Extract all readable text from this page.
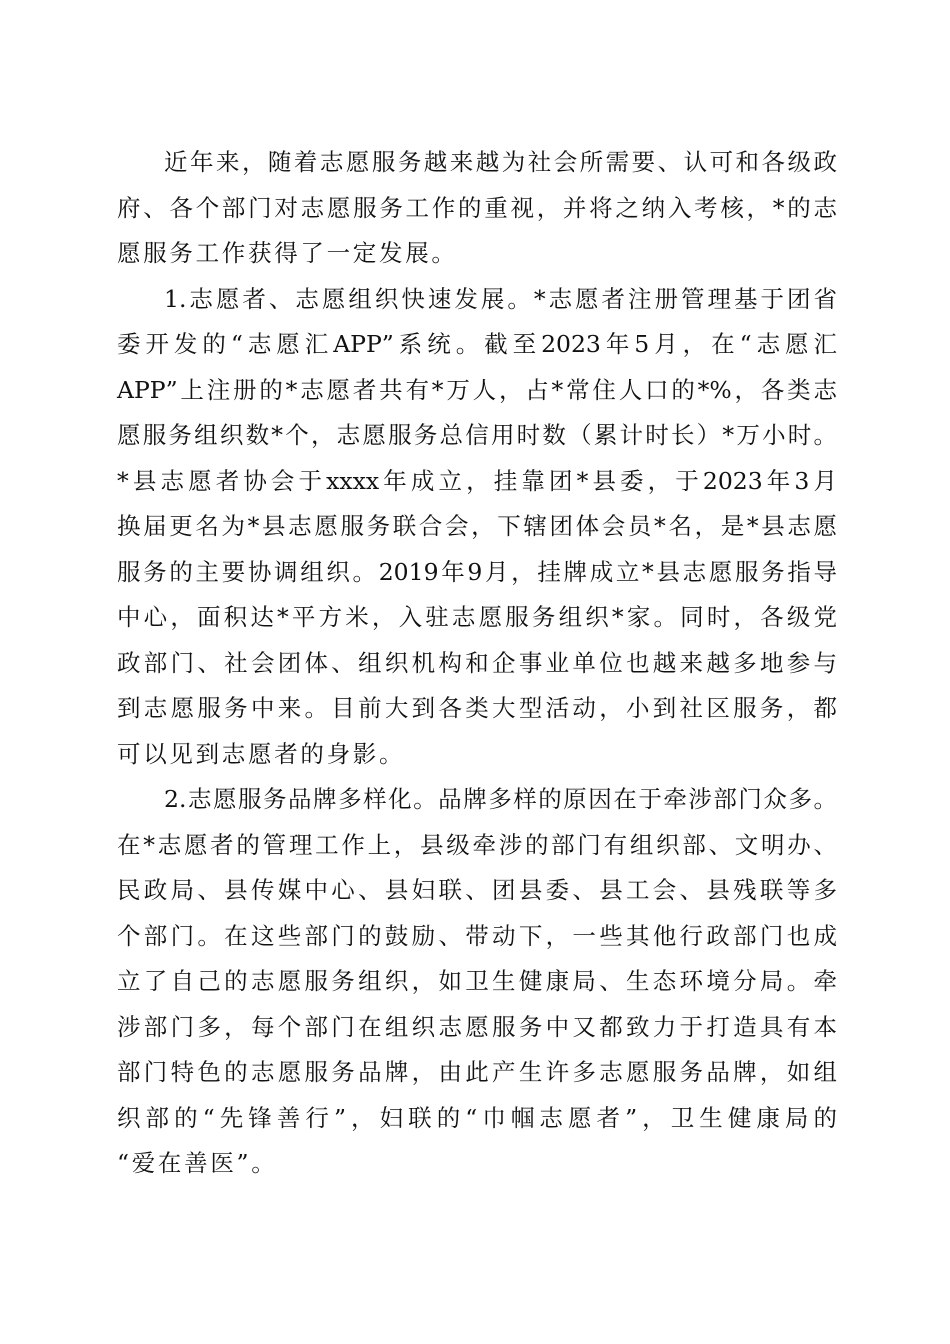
近年来，随着志愿服务越来越为社会所需要、认可和各级政
府、各个部门对志愿服务工作的重视，并将之纳入考核，*的志
愿服务工作获得了一定发展。
1.志愿者、志愿组织快速发展。*志愿者注册管理基于团省
委开发的“志愿汇APP”系统。截至2023年5月，在“志愿汇
APP”上注册的*志愿者共有*万人，占*常住人口的*%，各类志
愿服务组织数*个，志愿服务总信用时数（累计时长）*万小时。
*县志愿者协会于xxxx年成立，挂靠团*县委，于2023年3月
换届更名为*县志愿服务联合会，下辖团体会员*名，是*县志愿
服务的主要协调组织。2019年9月，挂牌成立*县志愿服务指导
中心，面积达*平方米，入驻志愿服务组织*家。同时，各级党
政部门、社会团体、组织机构和企事业单位也越来越多地参与
到志愿服务中来。目前大到各类大型活动，小到社区服务，都
可以见到志愿者的身影。
2.志愿服务品牌多样化。品牌多样的原因在于牵涉部门众多。
在*志愿者的管理工作上，县级牵涉的部门有组织部、文明办、
民政局、县传媒中心、县妇联、团县委、县工会、县残联等多
个部门。在这些部门的鼓励、带动下，一些其他行政部门也成
立了自己的志愿服务组织，如卫生健康局、生态环境分局。牵
涉部门多，每个部门在组织志愿服务中又都致力于打造具有本
部门特色的志愿服务品牌，由此产生许多志愿服务品牌，如组
织部的“先锋善行”，妇联的“巾帼志愿者”，卫生健康局的
“爱在善医”。
